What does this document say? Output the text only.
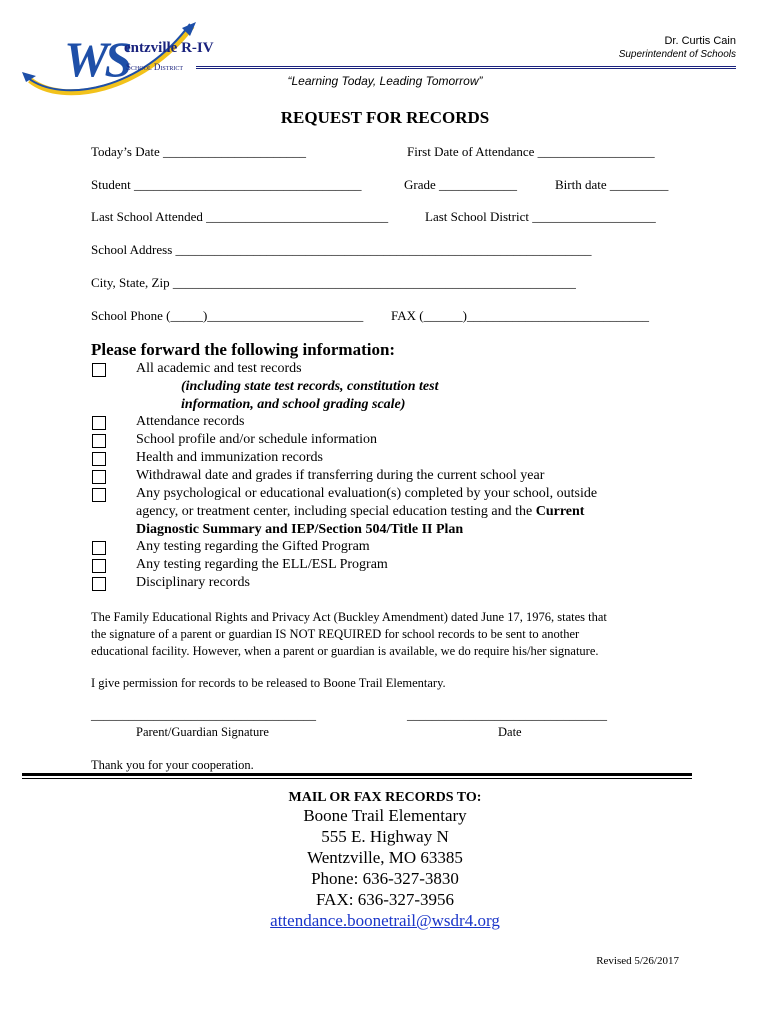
WS
entzville R-IV
School District
Dr. Curtis Cain
Superintendent of Schools
“Learning Today, Leading Tomorrow”
REQUEST FOR RECORDS
Today’s Date ______________________	First Date of Attendance __________________
Student ___________________________________	Grade ____________	Birth date _________
Last School Attended ____________________________	Last School District ___________________
School Address ________________________________________________________________
City, State, Zip ______________________________________________________________
School Phone (_____)________________________ FAX (______)____________________________
Please forward the following information:
All academic and test records
(including state test records, constitution test
information, and school grading scale)
Attendance records
School profile and/or schedule information
Health and immunization records
Withdrawal date and grades if transferring during the current school year
Any psychological or educational evaluation(s) completed by your school, outside
agency, or treatment center, including special education testing and the Current
Diagnostic Summary and IEP/Section 504/Title II Plan
Any testing regarding the Gifted Program
Any testing regarding the ELL/ESL Program
Disciplinary records
The Family Educational Rights and Privacy Act (Buckley Amendment) dated June 17, 1976, states that
the signature of a parent or guardian IS NOT REQUIRED for school records to be sent to another
educational facility. However, when a parent or guardian is available, we do require his/her signature.
I give permission for records to be released to Boone Trail Elementary.
____________________________________
Parent/Guardian Signature
________________________________
Date
Thank you for your cooperation.
MAIL OR FAX RECORDS TO:
Boone Trail Elementary
555 E. Highway N
Wentzville, MO 63385
Phone: 636-327-3830
FAX: 636-327-3956
attendance.boonetrail@wsdr4.org
Revised 5/26/2017
